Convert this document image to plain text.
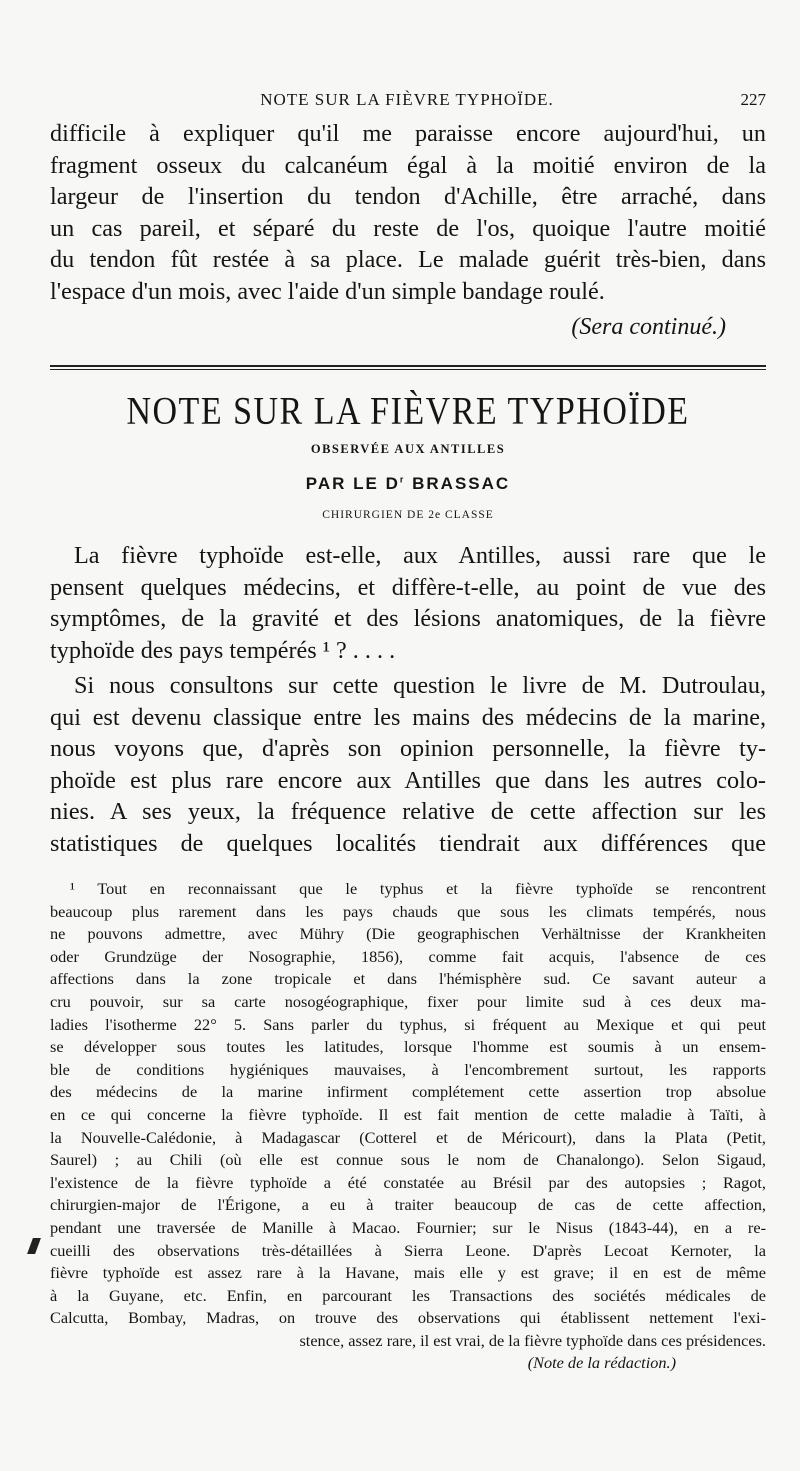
NOTE SUR LA FIÈVRE TYPHOÏDE.	227
difficile à expliquer qu'il me paraisse encore aujourd'hui, un
fragment osseux du calcanéum égal à la moitié environ de la
largeur de l'insertion du tendon d'Achille, être arraché, dans
un cas pareil, et séparé du reste de l'os, quoique l'autre moitié
du tendon fût restée à sa place. Le malade guérit très-bien, dans
l'espace d'un mois, avec l'aide d'un simple bandage roulé.
(Sera continué.)
NOTE SUR LA FIÈVRE TYPHOÏDE
OBSERVÉE AUX ANTILLES
PAR LE $D^r$ BRASSAC
CHIRURGIEN DE 2e CLASSE
La fièvre typhoïde est-elle, aux Antilles, aussi rare que le
pensent quelques médecins, et diffère-t-elle, au point de vue des
symptômes, de la gravité et des lésions anatomiques, de la fièvre
typhoïde des pays tempérés ¹ ? . . . .
Si nous consultons sur cette question le livre de M. Dutroulau,
qui est devenu classique entre les mains des médecins de la marine,
nous voyons que, d'après son opinion personnelle, la fièvre ty-
phoïde est plus rare encore aux Antilles que dans les autres colo-
nies. A ses yeux, la fréquence relative de cette affection sur les
statistiques de quelques localités tiendrait aux différences que
¹ Tout en reconnaissant que le typhus et la fièvre typhoïde se rencontrent
beaucoup plus rarement dans les pays chauds que sous les climats tempérés, nous
ne pouvons admettre, avec Mühry (Die geographischen Verhältnisse der Krankheiten
oder Grundzüge der Nosographie, 1856), comme fait acquis, l'absence de ces
affections dans la zone tropicale et dans l'hémisphère sud. Ce savant auteur a
cru pouvoir, sur sa carte nosogéographique, fixer pour limite sud à ces deux ma-
ladies l'isotherme 22° 5. Sans parler du typhus, si fréquent au Mexique et qui peut
se développer sous toutes les latitudes, lorsque l'homme est soumis à un ensem-
ble de conditions hygiéniques mauvaises, à l'encombrement surtout, les rapports
des médecins de la marine infirment complétement cette assertion trop absolue
en ce qui concerne la fièvre typhoïde. Il est fait mention de cette maladie à Taïti, à
la Nouvelle-Calédonie, à Madagascar (Cotterel et de Méricourt), dans la Plata (Petit,
Saurel) ; au Chili (où elle est connue sous le nom de Chanalongo). Selon Sigaud,
l'existence de la fièvre typhoïde a été constatée au Brésil par des autopsies ; Ragot,
chirurgien-major de l'Érigone, a eu à traiter beaucoup de cas de cette affection,
pendant une traversée de Manille à Macao. Fournier; sur le Nisus (1843-44), en a re-
cueilli des observations très-détaillées à Sierra Leone. D'après Lecoat Kernoter, la
fièvre typhoïde est assez rare à la Havane, mais elle y est grave; il en est de même
à la Guyane, etc. Enfin, en parcourant les Transactions des sociétés médicales de
Calcutta, Bombay, Madras, on trouve des observations qui établissent nettement l'exi-
stence, assez rare, il est vrai, de la fièvre typhoïde dans ces présidences.
(Note de la rédaction.)
